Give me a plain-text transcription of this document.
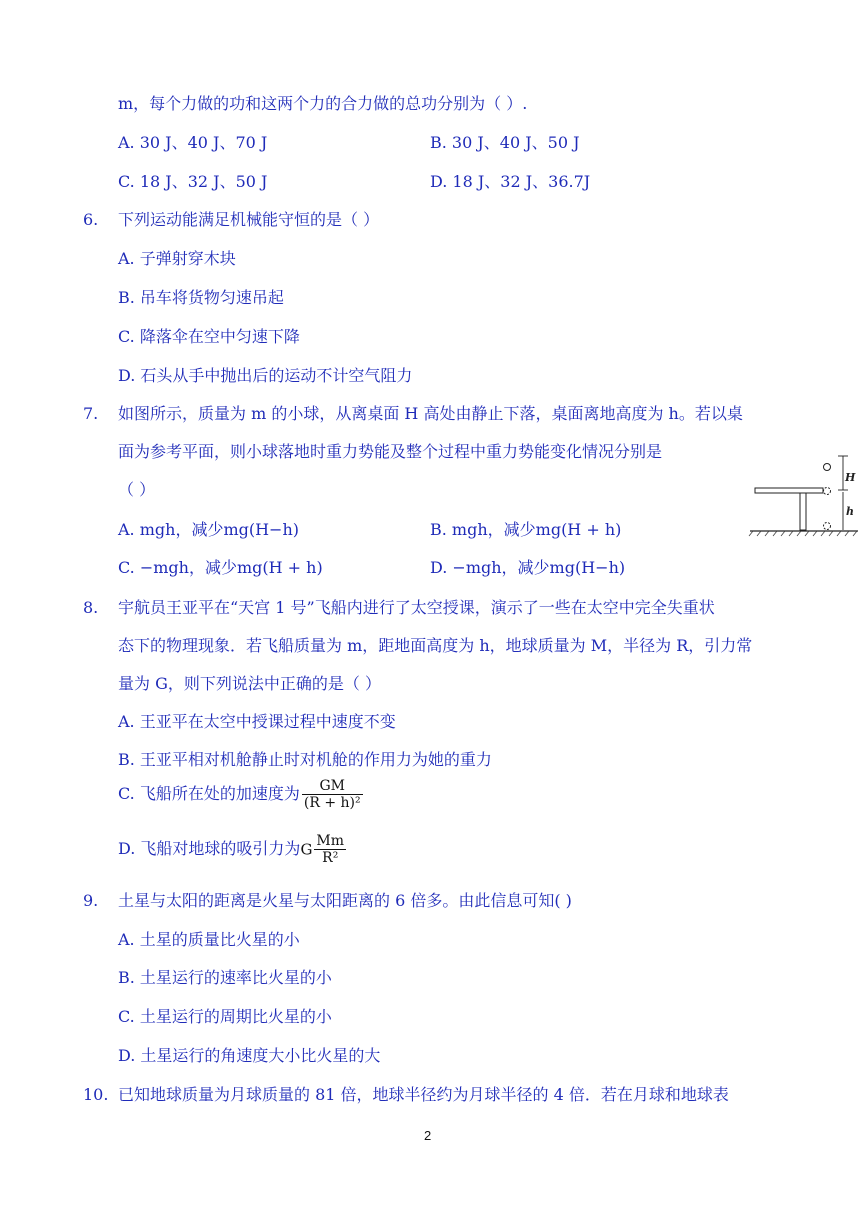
m，每个力做的功和这两个力的合力做的总功分别为（ ）.
A. 30 J、40 J、70 J	B. 30 J、40 J、50 J
C. 18 J、32 J、50 J	D. 18 J、32 J、36.7J
6. 下列运动能满足机械能守恒的是（ ）
A. 子弹射穿木块
B. 吊车将货物匀速吊起
C. 降落伞在空中匀速下降
D. 石头从手中抛出后的运动不计空气阻力
7. 如图所示，质量为 m 的小球，从离桌面 H 高处由静止下落，桌面离地高度为 h。若以桌
面为参考平面，则小球落地时重力势能及整个过程中重力势能变化情况分别是
（ ）
A. mgh，减少mg(H−h)	B. mgh，减少mg(H + h)
C. −mgh，减少mg(H + h)	D. −mgh，减少mg(H−h)
H
h
8. 宇航员王亚平在“天宫 1 号”飞船内进行了太空授课，演示了一些在太空中完全失重状
态下的物理现象．若飞船质量为 m，距地面高度为 h，地球质量为 M，半径为 R，引力常
量为 G，则下列说法中正确的是（ ）
A. 王亚平在太空中授课过程中速度不变
B. 王亚平相对机舱静止时对机舱的作用力为她的重力
C. 飞船所在处的加速度为 $\frac{GM}{\text{(R + h)²}}$
D. 飞船对地球的吸引力为G $\frac{Mm}{\text{R²}}$
9. 土星与太阳的距离是火星与太阳距离的 6 倍多。由此信息可知( )
A. 土星的质量比火星的小
B. 土星运行的速率比火星的小
C. 土星运行的周期比火星的小
D. 土星运行的角速度大小比火星的大
10. 已知地球质量为月球质量的 81 倍，地球半径约为月球半径的 4 倍．若在月球和地球表
2
